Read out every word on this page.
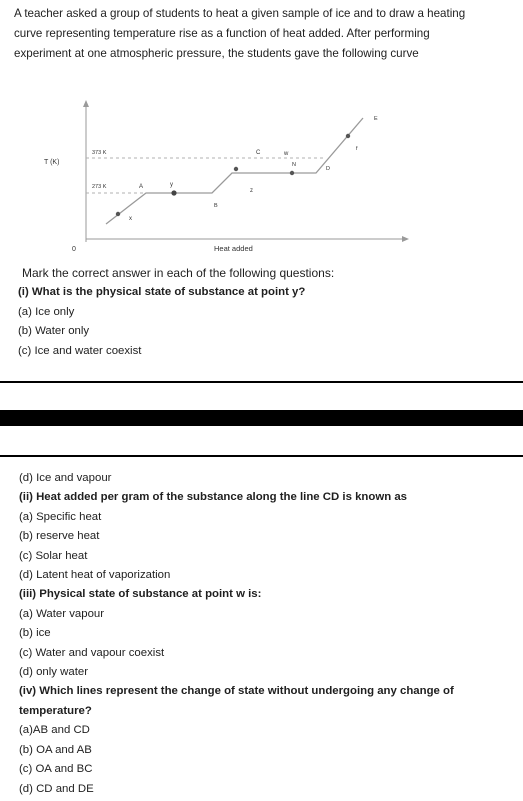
A teacher asked a group of students to heat a given sample of ice and to draw a heating

curve representing temperature rise as a function of heat added. After performing

experiment at one atmospheric pressure, the students gave the following curve

T (K)
373 K
273 K	A	y
x
B
z
C	w
N
D
f
E
0	Heat added

Mark the correct answer in each of the following questions:

(i) What is the physical state of substance at point y?

(a) Ice only

(b) Water only

(c) Ice and water coexist

(d) Ice and vapour

(ii) Heat added per gram of the substance along the line CD is known as

(a) Specific heat

(b) reserve heat

(c) Solar heat

(d) Latent heat of vaporization

(iii) Physical state of substance at point w is:

(a) Water vapour

(b) ice

(c) Water and vapour coexist

(d) only water

(iv) Which lines represent the change of state without undergoing any change of

temperature?

(a)AB and CD

(b) OA and AB

(c) OA and BC

(d) CD and DE
